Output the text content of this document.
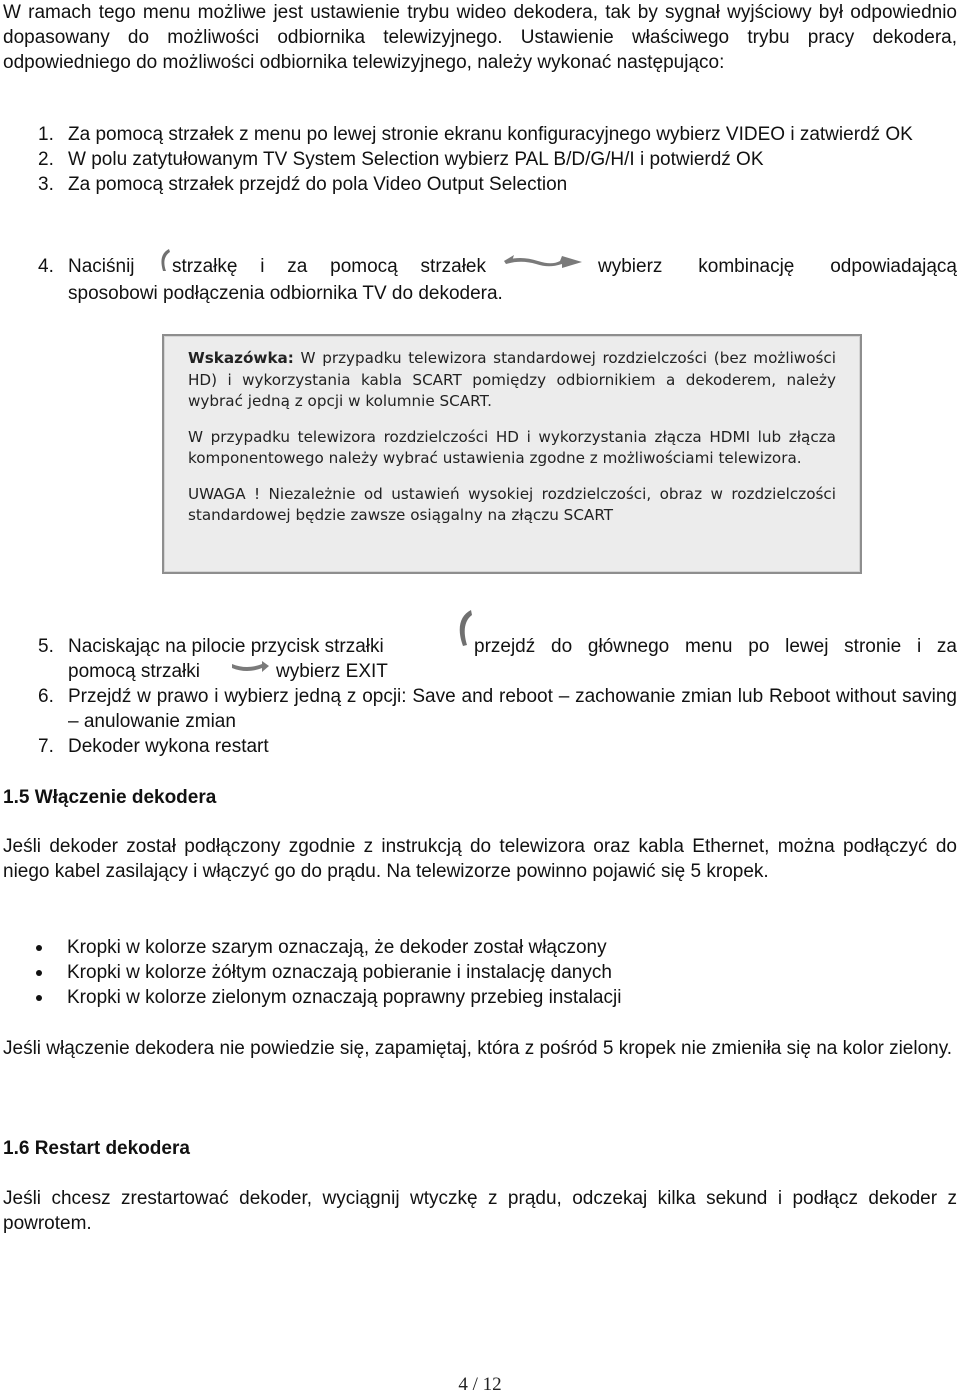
W ramach tego menu możliwe jest ustawienie trybu wideo dekodera, tak by sygnał wyjściowy był odpowiednio dopasowany do możliwości odbiornika telewizyjnego. Ustawienie właściwego trybu pracy dekodera, odpowiedniego do możliwości odbiornika telewizyjnego, należy wykonać następująco:
1. Za pomocą strzałek z menu po lewej stronie ekranu konfiguracyjnego wybierz VIDEO i zatwierdź OK
2. W polu zatytułowanym TV System Selection wybierz PAL B/D/G/H/I i potwierdź OK
3. Za pomocą strzałek przejdź do pola Video Output Selection
4. Naciśnij strzałkę i za pomocą strzałek	wybierz kombinację odpowiadającą
sposobowi podłączenia odbiornika TV do dekodera.

Wskazówka: W przypadku telewizora standardowej rozdzielczości (bez możliwości HD) i wykorzystania kabla SCART pomiędzy odbiornikiem a dekoderem, należy wybrać jedną z opcji w kolumnie SCART.

W przypadku telewizora rozdzielczości HD i wykorzystania złącza HDMI lub złącza komponentowego należy wybrać ustawienia zgodne z możliwościami telewizora.

UWAGA ! Niezależnie od ustawień wysokiej rozdzielczości, obraz w rozdzielczości standardowej będzie zawsze osiągalny na złączu SCART

5. Naciskając na pilocie przycisk strzałki	przejdź do głównego menu po lewej stronie i za
pomocą strzałki	wybierz EXIT
6. Przejdź w prawo i wybierz jedną z opcji: Save and reboot – zachowanie zmian lub Reboot without saving – anulowanie zmian
7. Dekoder wykona restart
1.5 Włączenie dekodera
Jeśli dekoder został podłączony zgodnie z instrukcją do telewizora oraz kabla Ethernet, można podłączyć do niego kabel zasilający i włączyć go do prądu. Na telewizorze powinno pojawić się 5 kropek.
Kropki w kolorze szarym oznaczają, że dekoder został włączony
Kropki w kolorze żółtym oznaczają pobieranie i instalację danych
Kropki w kolorze zielonym oznaczają poprawny przebieg instalacji
Jeśli włączenie dekodera nie powiedzie się, zapamiętaj, która z pośród 5 kropek nie zmieniła się na kolor zielony.
1.6 Restart dekodera
Jeśli chcesz zrestartować dekoder, wyciągnij wtyczkę z prądu, odczekaj kilka sekund i podłącz dekoder z powrotem.
4 / 12
